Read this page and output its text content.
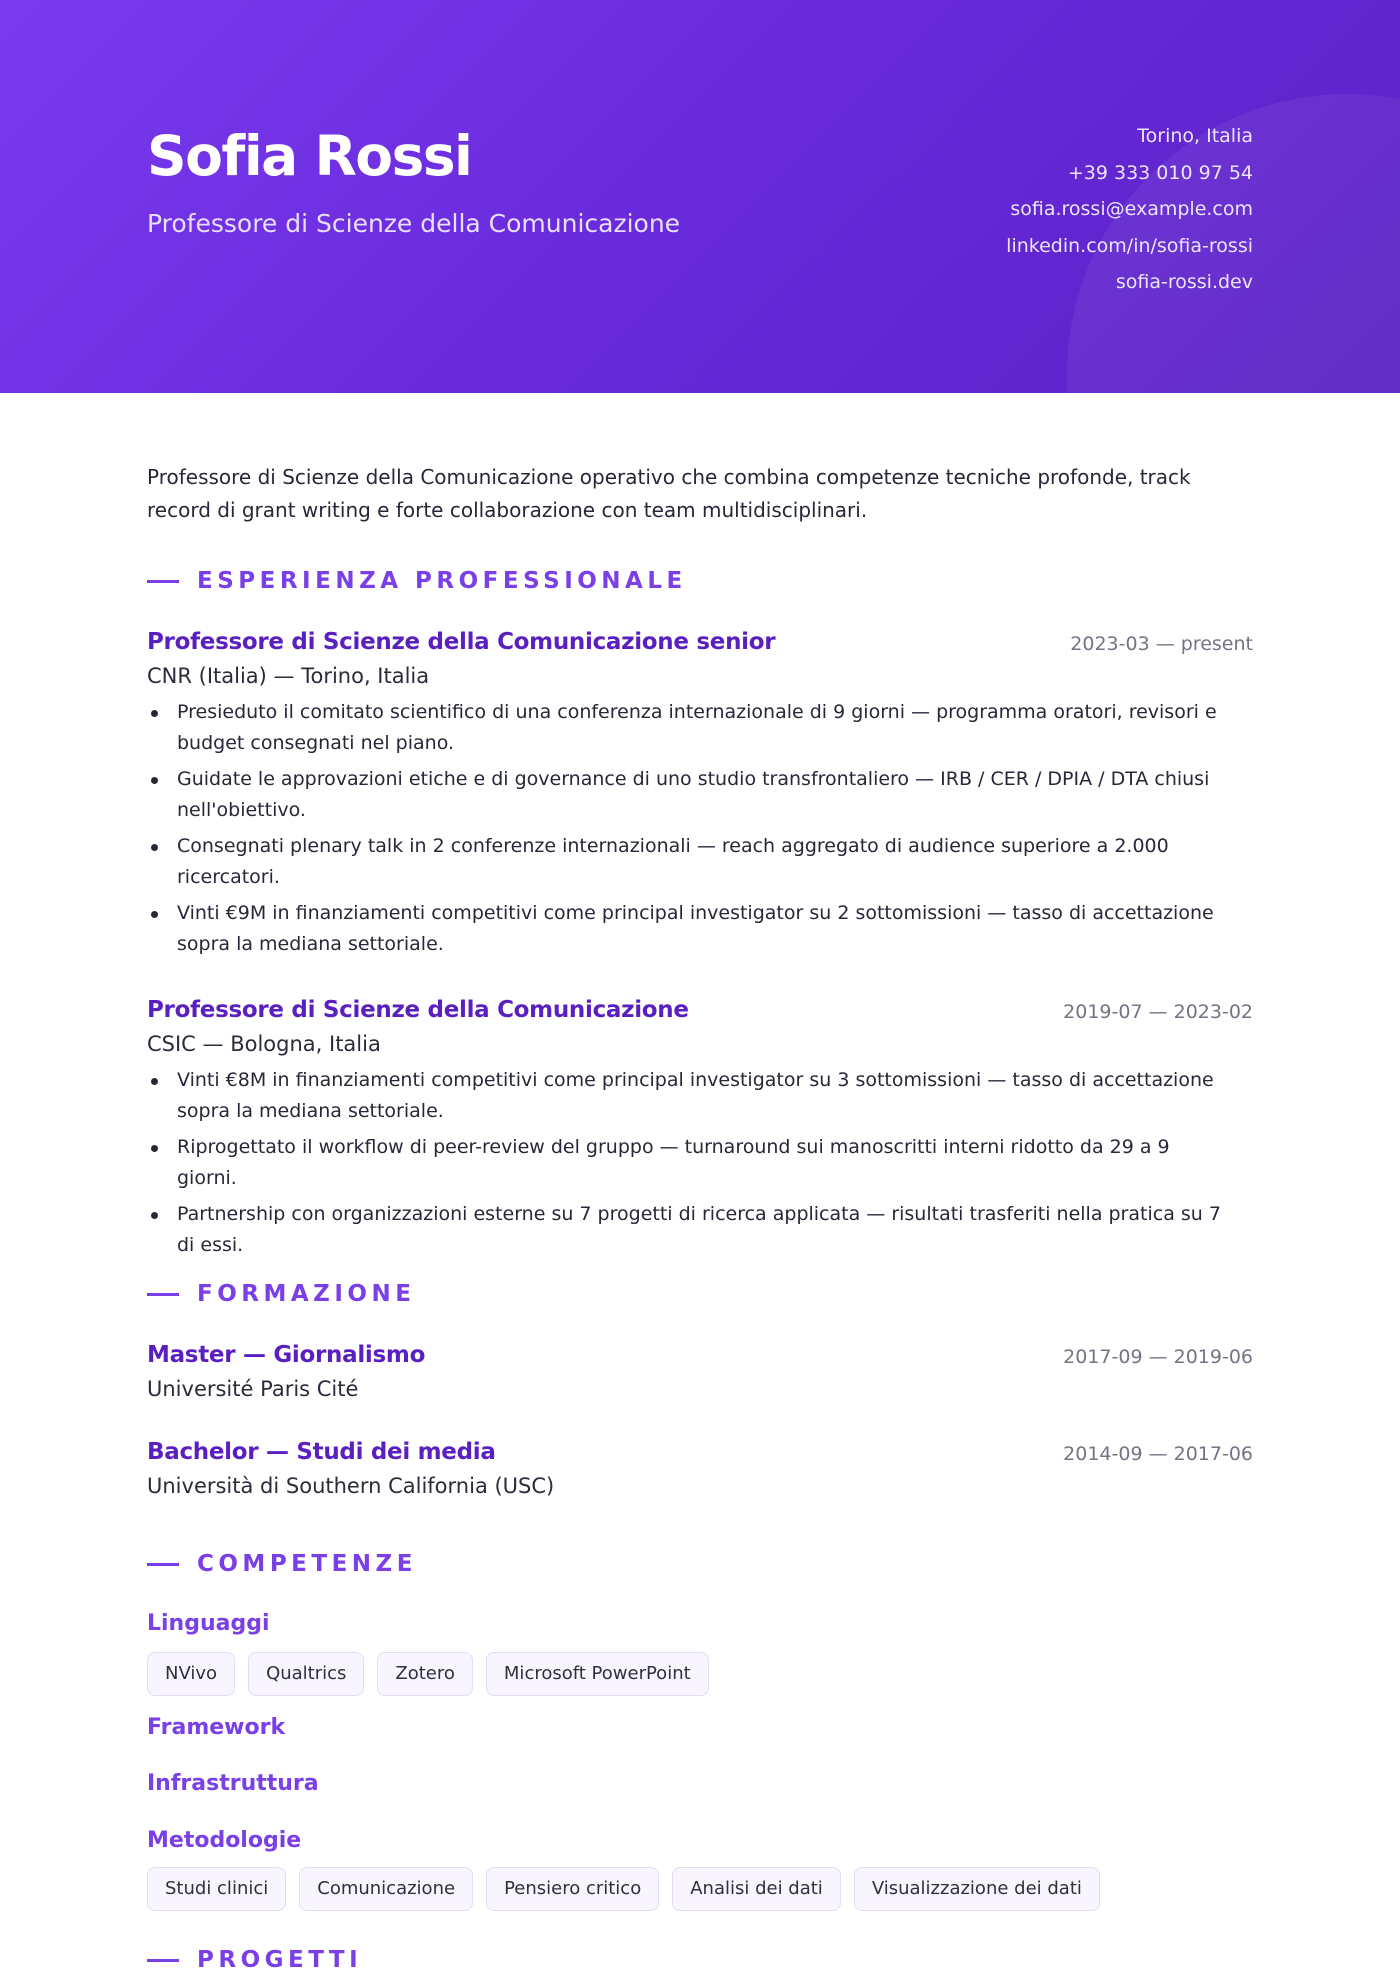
Sofia Rossi
Professore di Scienze della Comunicazione
Torino, Italia
+39 333 010 97 54
sofia.rossi@example.com
linkedin.com/in/sofia-rossi
sofia-rossi.dev

Professore di Scienze della Comunicazione operativo che combina competenze tecniche profonde, track record di grant writing e forte collaborazione con team multidisciplinari.

ESPERIENZA PROFESSIONALE
Professore di Scienze della Comunicazione senior	2023-03 — present
CNR (Italia) — Torino, Italia
Presieduto il comitato scientifico di una conferenza internazionale di 9 giorni — programma oratori, revisori e budget consegnati nel piano.
Guidate le approvazioni etiche e di governance di uno studio transfrontaliero — IRB / CER / DPIA / DTA chiusi nell'obiettivo.
Consegnati plenary talk in 2 conferenze internazionali — reach aggregato di audience superiore a 2.000 ricercatori.
Vinti €9M in finanziamenti competitivi come principal investigator su 2 sottomissioni — tasso di accettazione sopra la mediana settoriale.
Professore di Scienze della Comunicazione	2019-07 — 2023-02
CSIC — Bologna, Italia
Vinti €8M in finanziamenti competitivi come principal investigator su 3 sottomissioni — tasso di accettazione sopra la mediana settoriale.
Riprogettato il workflow di peer-review del gruppo — turnaround sui manoscritti interni ridotto da 29 a 9 giorni.
Partnership con organizzazioni esterne su 7 progetti di ricerca applicata — risultati trasferiti nella pratica su 7 di essi.
FORMAZIONE
Master — Giornalismo	2017-09 — 2019-06
Université Paris Cité
Bachelor — Studi dei media	2014-09 — 2017-06
Università di Southern California (USC)
COMPETENZE
Linguaggi
NVivo	Qualtrics	Zotero	Microsoft PowerPoint
Framework
Infrastruttura
Metodologie
Studi clinici	Comunicazione	Pensiero critico	Analisi dei dati	Visualizzazione dei dati
PROGETTI
